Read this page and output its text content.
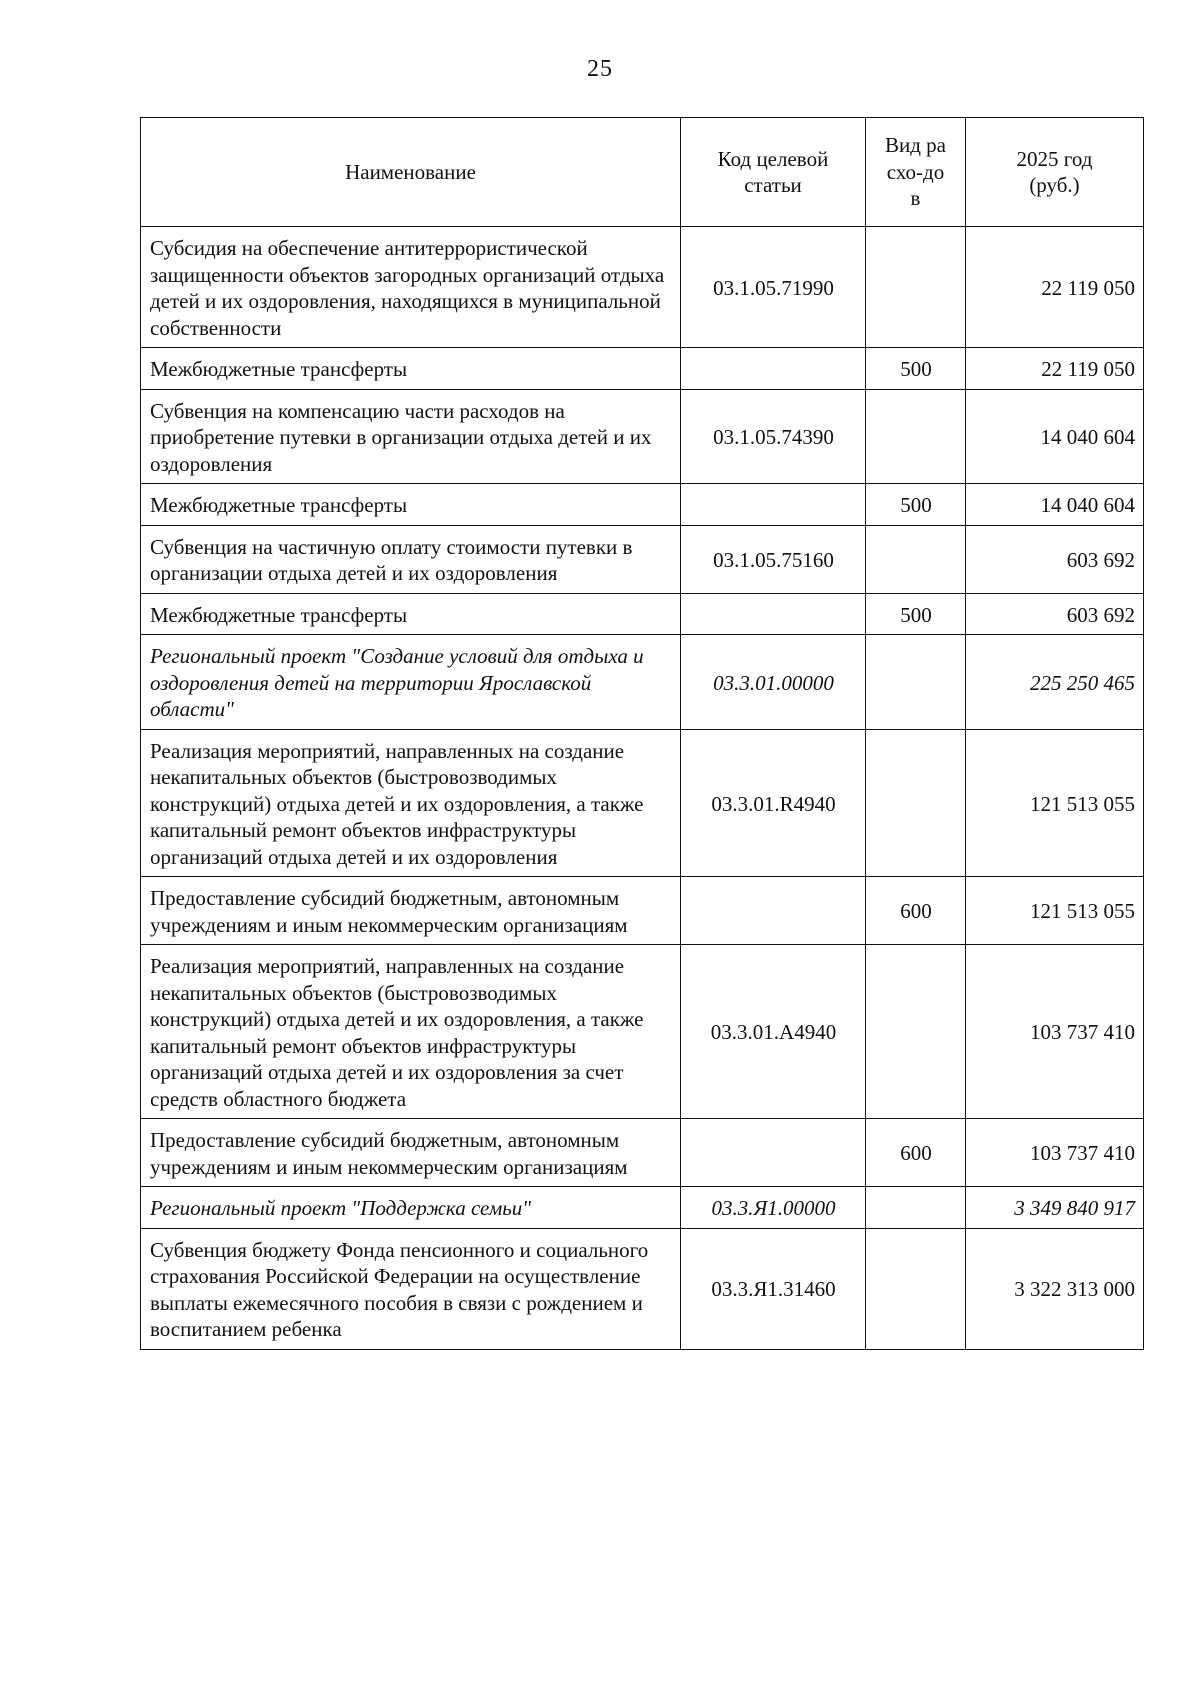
25
Наименование	Код целевой статьи	Вид расхо-дов	2025 год (руб.)

Субсидия на обеспечение антитеррористической защищенности объектов загородных организаций отдыха детей и их оздоровления, находящихся в муниципальной собственности	03.1.05.71990		22 119 050
Межбюджетные трансферты		500	22 119 050
Субвенция на компенсацию части расходов на приобретение путевки в организации отдыха детей и их оздоровления	03.1.05.74390		14 040 604
Межбюджетные трансферты		500	14 040 604
Субвенция на частичную оплату стоимости путевки в организации отдыха детей и их оздоровления	03.1.05.75160		603 692
Межбюджетные трансферты		500	603 692
Региональный проект "Создание условий для отдыха и оздоровления детей на территории Ярославской области"	03.3.01.00000		225 250 465
Реализация мероприятий, направленных на создание некапитальных объектов (быстровозводимых конструкций) отдыха детей и их оздоровления, а также капитальный ремонт объектов инфраструктуры организаций отдыха детей и их оздоровления	03.3.01.R4940		121 513 055
Предоставление субсидий бюджетным, автономным учреждениям и иным некоммерческим организациям		600	121 513 055
Реализация мероприятий, направленных на создание некапитальных объектов (быстровозводимых конструкций) отдыха детей и их оздоровления, а также капитальный ремонт объектов инфраструктуры организаций отдыха детей и их оздоровления за счет средств областного бюджета	03.3.01.А4940		103 737 410
Предоставление субсидий бюджетным, автономным учреждениям и иным некоммерческим организациям		600	103 737 410
Региональный проект "Поддержка семьи"	03.3.Я1.00000		3 349 840 917
Субвенция бюджету Фонда пенсионного и социального страхования Российской Федерации на осуществление выплаты ежемесячного пособия в связи с рождением и воспитанием ребенка	03.3.Я1.31460		3 322 313 000
